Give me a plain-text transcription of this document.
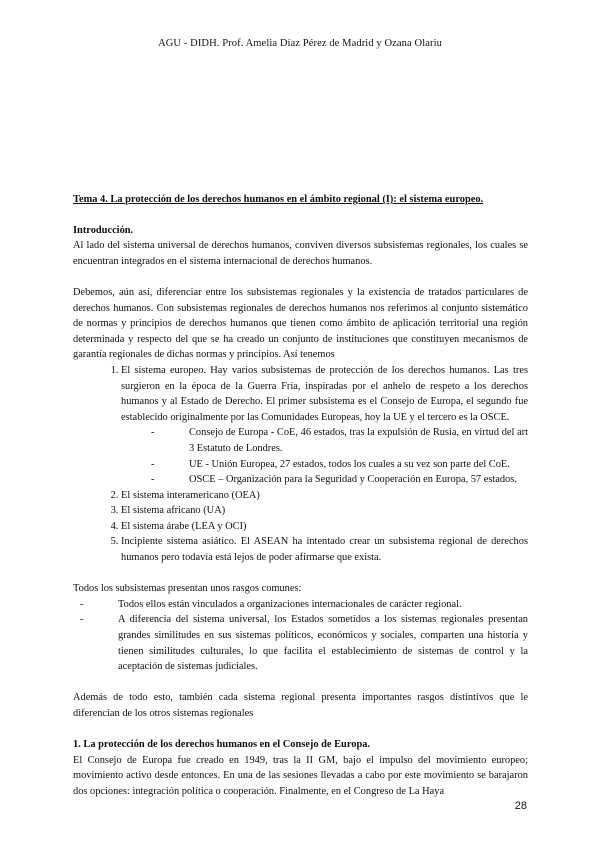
AGU - DIDH. Prof. Amelia Díaz Pérez de Madrid y Ozana Olariu

Tema 4. La protección de los derechos humanos en el ámbito regional (I): el sistema europeo.

Introducción.

Al lado del sistema universal de derechos humanos, conviven diversos subsistemas regionales, los cuales se encuentran integrados en el sistema internacional de derechos humanos.

Debemos, aún así, diferenciar entre los subsistemas regionales y la existencia de tratados particulares de derechos humanos. Con subsistemas regionales de derechos humanos nos referimos al conjunto sistemático de normas y principios de derechos humanos que tienen como ámbito de aplicación territorial una región determinada y respecto del que se ha creado un conjunto de instituciones que constituyen mecanismos de garantía regionales de dichas normas y principios. Así tenemos

1. El sistema europeo. Hay varios subsistemas de protección de los derechos humanos. Las tres surgieron en la época de la Guerra Fría, inspiradas por el anhelo de respeto a los derechos humanos y al Estado de Derecho. El primer subsistema es el Consejo de Europa, el segundo fue establecido originalmente por las Comunidades Europeas, hoy la UE y el tercero es la OSCE.
- Consejo de Europa - CoE, 46 estados, tras la expulsión de Rusia, en virtud del art 3 Estatuto de Londres.
- UE - Unión Europea, 27 estados, todos los cuales a su vez son parte del CoE.
- OSCE – Organización para la Seguridad y Cooperación en Europa, 57 estados.
2. El sistema interamericano (OEA)
3. El sistema africano (UA)
4. El sistema árabe (LEA y OCI)
5. Incipiente sistema asiático. El ASEAN ha intentado crear un subsistema regional de derechos humanos pero todavía está lejos de poder afirmarse que exista.

Todos los subsistemas presentan unos rasgos comunes:

- Todos ellos están vinculados a organizaciones internacionales de carácter regional.
- A diferencia del sistema universal, los Estados sometidos a los sistemas regionales presentan grandes similitudes en sus sistemas políticos, económicos y sociales, comparten una historia y tienen similitudes culturales, lo que facilita el establecimiento de sistemas de control y la aceptación de sistemas judiciales.

Además de todo esto, también cada sistema regional presenta importantes rasgos distintivos que le diferencian de los otros sistemas regionales

1. La protección de los derechos humanos en el Consejo de Europa.

El Consejo de Europa fue creado en 1949, tras la II GM, bajo el impulso del movimiento europeo; movimiento activo desde entonces. En una de las sesiones llevadas a cabo por este movimiento se barajaron dos opciones: integración política o cooperación. Finalmente, en el Congreso de La Haya

28
